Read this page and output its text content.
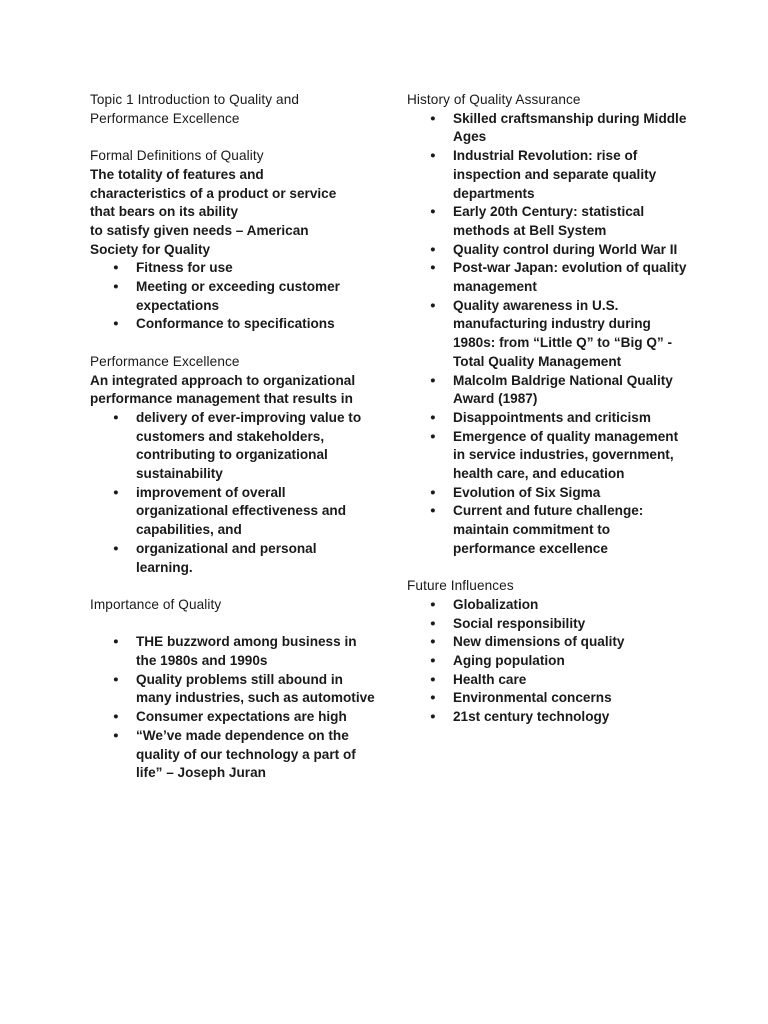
Topic 1 Introduction to Quality and

Performance Excellence

Formal Definitions of Quality

The totality of features and

characteristics of a product or service

that bears on its ability

to satisfy given needs – American

Society for Quality

● Fitness for use
● Meeting or exceeding customer expectations
● Conformance to specifications

Performance Excellence

An integrated approach to organizational

performance management that results in

● delivery of ever-improving value to customers and stakeholders, contributing to organizational sustainability
● improvement of overall organizational effectiveness and capabilities, and
● organizational and personal learning.

Importance of Quality

● THE buzzword among business in the 1980s and 1990s
● Quality problems still abound in many industries, such as automotive
● Consumer expectations are high
● “We’ve made dependence on the quality of our technology a part of life” – Joseph Juran

History of Quality Assurance

● Skilled craftsmanship during Middle Ages
● Industrial Revolution: rise of inspection and separate quality departments
● Early 20th Century: statistical methods at Bell System
● Quality control during World War II
● Post-war Japan: evolution of quality management
● Quality awareness in U.S. manufacturing industry during 1980s: from “Little Q” to “Big Q” - Total Quality Management
● Malcolm Baldrige National Quality Award (1987)
● Disappointments and criticism
● Emergence of quality management in service industries, government, health care, and education
● Evolution of Six Sigma
● Current and future challenge: maintain commitment to performance excellence

Future Influences

● Globalization
● Social responsibility
● New dimensions of quality
● Aging population
● Health care
● Environmental concerns
● 21st century technology
